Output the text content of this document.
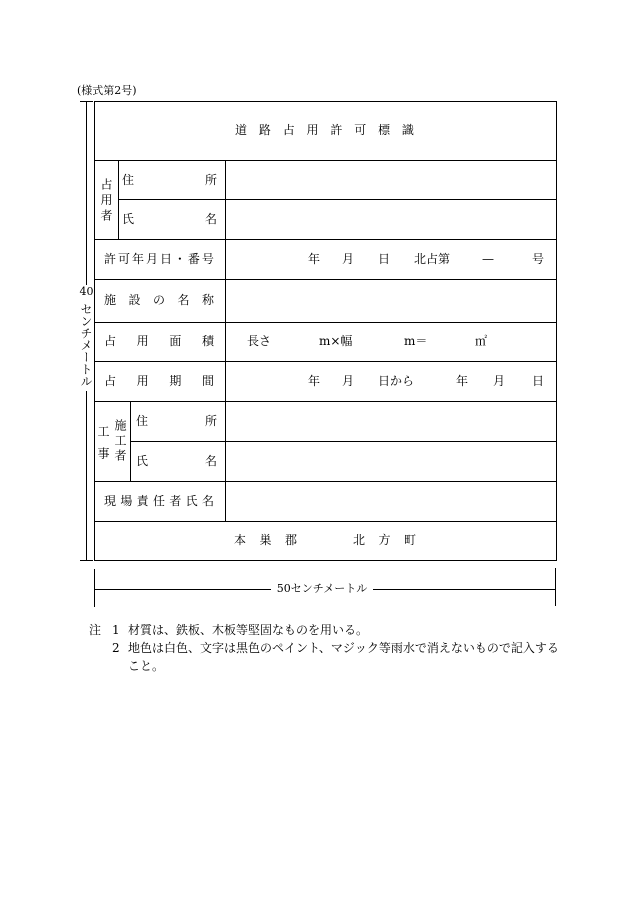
(様式第2号)
道 路 占 用 許 可 標 識
占用者 住	所
氏	名
許 可 年 月 日 ・ 番 号	年 月 日 北占第	—	号
施 設 の 名 称
占 用 面 積	長さ	m×幅	m＝	㎡
占 用 期 間	年 月 日から	年 月 日
工事 施工者 住	所
氏	名
現 場 責 任 者 氏 名
本 巣 郡	北 方 町
40
センチメートル
50センチメートル
注 1 材質は、鉄板、木板等堅固なものを用いる。
2 地色は白色、文字は黒色のペイント、マジック等雨水で消えないもので記入する
こと。
